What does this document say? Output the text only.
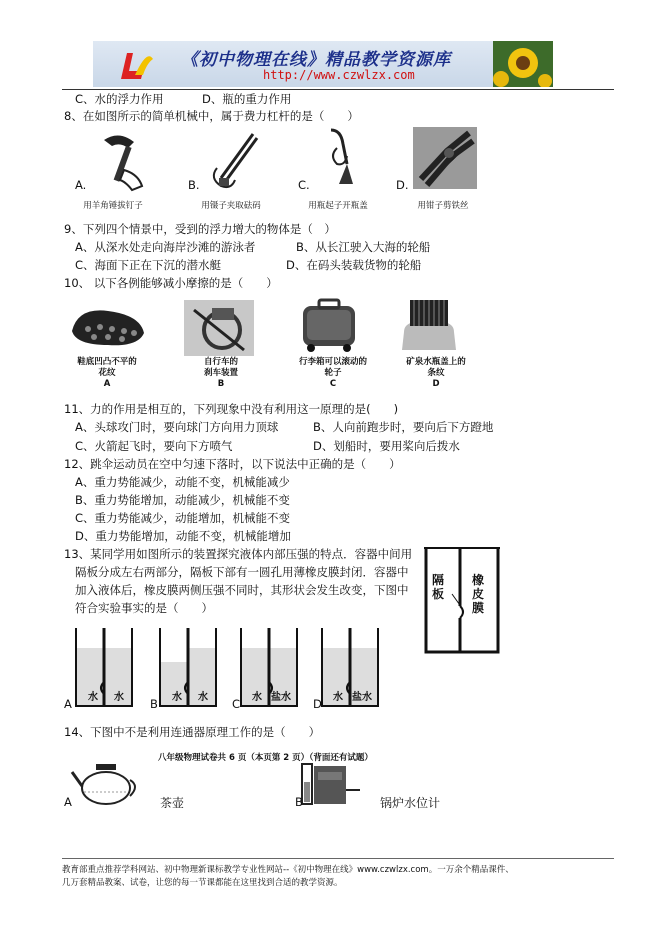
《初中物理在线》精品教学资源库
http://www.czwlzx.com
C、水的浮力作用	D、瓶的重力作用
8、在如图所示的简单机械中，属于费力杠杆的是（　　）
A.	B.	C.	D.
用羊角锤拔钉子	用镊子夹取砝码	用瓶起子开瓶盖	用钳子剪铁丝
9、下列四个情景中，受到的浮力增大的物体是（　）
A、从深水处走向海岸沙滩的游泳者	B、从长江驶入大海的轮船
C、海面下正在下沉的潜水艇	D、在码头装载货物的轮船
10、 以下各例能够减小摩擦的是（　　）
鞋底凹凸不平的
花纹
A
自行车的
刹车装置
B
行李箱可以滚动的
轮子
C
矿泉水瓶盖上的
条纹
D
11、力的作用是相互的，下列现象中没有利用这一原理的是(　　)
A、头球攻门时，要向球门方向用力顶球	B、人向前跑步时，要向后下方蹬地
C、火箭起飞时，要向下方喷气	D、划船时，要用桨向后拨水
12、跳伞运动员在空中匀速下落时，以下说法中正确的是（　　）
A、重力势能减少，动能不变，机械能减少
B、重力势能增加，动能减少，机械能不变
C、重力势能减少，动能增加，机械能不变
D、重力势能增加，动能不变，机械能增加
13、某同学用如图所示的装置探究液体内部压强的特点．容器中间用
隔板分成左右两部分，隔板下部有一圆孔用薄橡皮膜封闭．容器中
加入液体后，橡皮膜两侧压强不同时，其形状会发生改变，下图中
符合实验事实的是（　　）
隔板
橡皮膜
A 水 水 B 水 水 C 水 盐水 D 水 盐水
14、下图中不是利用连通器原理工作的是（　　）
八年级物理试卷共 6 页（本页第 2 页）（背面还有试题）
A	茶壶	B	锅炉水位计
教育部重点推荐学科网站、初中物理新课标教学专业性网站--《初中物理在线》www.czwlzx.com。一万余个精品课件、
几万套精品教案、试卷，让您的每一节课都能在这里找到合适的教学资源。
